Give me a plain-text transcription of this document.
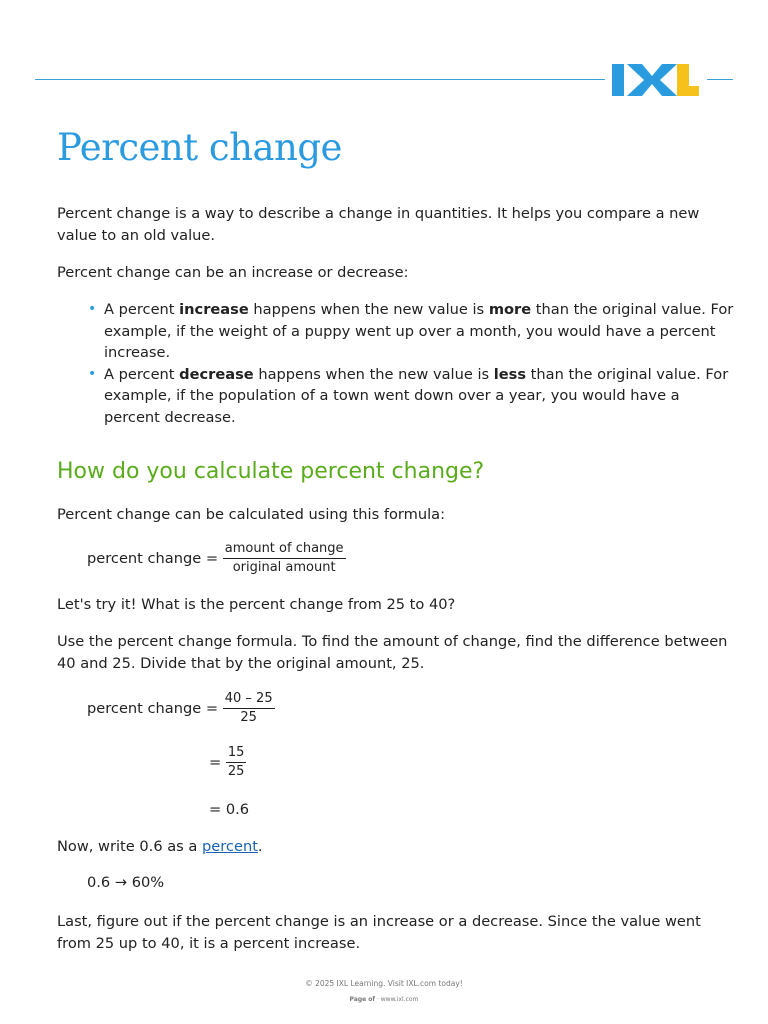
Percent change

Percent change is a way to describe a change in quantities. It helps you compare a new value to an old value.

Percent change can be an increase or decrease:

• A percent increase happens when the new value is more than the original value. For example, if the weight of a puppy went up over a month, you would have a percent increase.
• A percent decrease happens when the new value is less than the original value. For example, if the population of a town went down over a year, you would have a percent decrease.
How do you calculate percent change?

Percent change can be calculated using this formula:

percent change = $\frac{\text{amount of change}}{\text{original amount}}$

Let's try it! What is the percent change from 25 to 40?

Use the percent change formula. To find the amount of change, find the difference between 40 and 25. Divide that by the original amount, 25.

percent change = $\frac{40 - 25}{25}$
= $\frac{15}{25}$
= 0.6

Now, write 0.6 as a percent.

0.6 → 60%

Last, figure out if the percent change is an increase or a decrease. Since the value went from 25 up to 40, it is a percent increase.

© 2025 IXL Learning. Visit IXL.com today!
Page of · www.ixl.com
